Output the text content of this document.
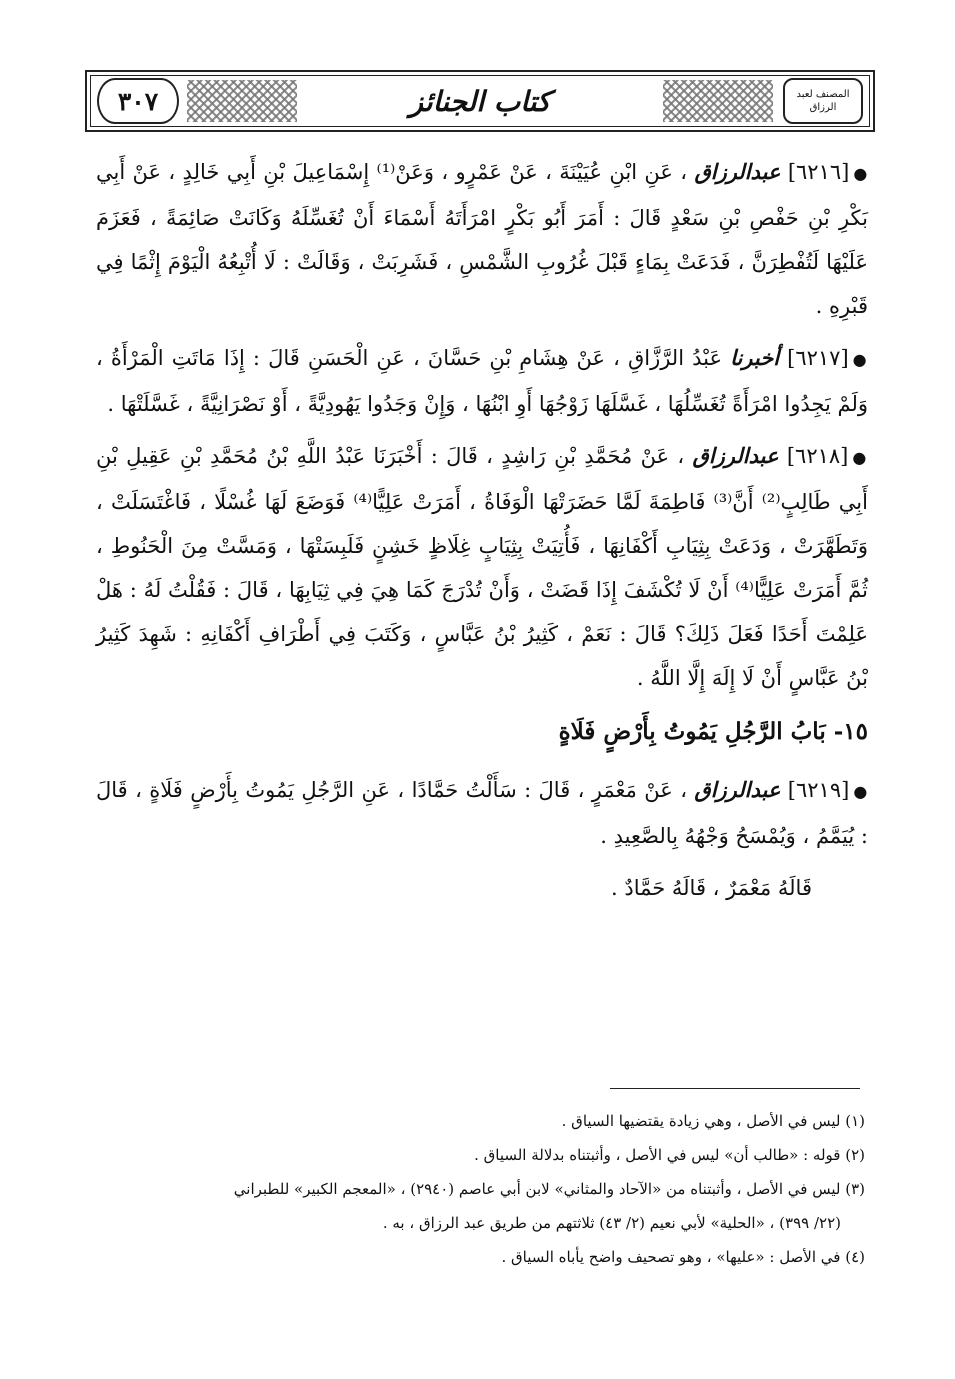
المصنف لعبد الرزاق
كتاب الجنائز
٣٠٧

●[٦٢١٦] عبدالرزاق ، عَنِ ابْنِ عُيَيْنَةَ ، عَنْ عَمْرٍو ، وَعَنْ⁽¹⁾ إِسْمَاعِيلَ بْنِ أَبِي خَالِدٍ ، عَنْ أَبِي بَكْرِ بْنِ حَفْصِ بْنِ سَعْدٍ قَالَ : أَمَرَ أَبُو بَكْرٍ امْرَأَتَهُ أَسْمَاءَ أَنْ تُغَسِّلَهُ وَكَانَتْ صَائِمَةً ، فَعَزَمَ عَلَيْهَا لَتُفْطِرَنَّ ، فَدَعَتْ بِمَاءٍ قَبْلَ غُرُوبِ الشَّمْسِ ، فَشَرِبَتْ ، وَقَالَتْ : لَا أُتْبِعُهُ الْيَوْمَ إِثْمًا فِي قَبْرِهِ .

●[٦٢١٧] أخبرنا عَبْدُ الرَّزَّاقِ ، عَنْ هِشَامِ بْنِ حَسَّانَ ، عَنِ الْحَسَنِ قَالَ : إِذَا مَاتَتِ الْمَرْأَةُ ، وَلَمْ يَجِدُوا امْرَأَةً تُغَسِّلُهَا ، غَسَّلَهَا زَوْجُهَا أَوِ ابْنُهَا ، وَإِنْ وَجَدُوا يَهُودِيَّةً ، أَوْ نَصْرَانِيَّةً ، غَسَّلَتْهَا .

●[٦٢١٨] عبدالرزاق ، عَنْ مُحَمَّدِ بْنِ رَاشِدٍ ، قَالَ : أَخْبَرَنَا عَبْدُ اللَّهِ بْنُ مُحَمَّدِ بْنِ عَقِيلِ بْنِ أَبِي طَالِبٍ⁽²⁾ أَنَّ⁽³⁾ فَاطِمَةَ لَمَّا حَضَرَتْهَا الْوَفَاةُ ، أَمَرَتْ عَلِيًّا⁽⁴⁾ فَوَضَعَ لَهَا غُسْلًا ، فَاغْتَسَلَتْ ، وَتَطَهَّرَتْ ، وَدَعَتْ بِثِيَابِ أَكْفَانِهَا ، فَأُتِيَتْ بِثِيَابٍ غِلَاظٍ خَشِنٍ فَلَبِسَتْهَا ، وَمَسَّتْ مِنَ الْحَنُوطِ ، ثُمَّ أَمَرَتْ عَلِيًّا⁽⁴⁾ أَنْ لَا تُكْشَفَ إِذَا قَضَتْ ، وَأَنْ تُدْرَجَ كَمَا هِيَ فِي ثِيَابِهَا ، قَالَ : فَقُلْتُ لَهُ : هَلْ عَلِمْتَ أَحَدًا فَعَلَ ذَلِكَ؟ قَالَ : نَعَمْ ، كَثِيرُ بْنُ عَبَّاسٍ ، وَكَتَبَ فِي أَطْرَافِ أَكْفَانِهِ : شَهِدَ كَثِيرُ بْنُ عَبَّاسٍ أَنْ لَا إِلَهَ إِلَّا اللَّهُ .

١٥- بَابُ الرَّجُلِ يَمُوتُ بِأَرْضٍ فَلَاةٍ

●[٦٢١٩] عبدالرزاق ، عَنْ مَعْمَرٍ ، قَالَ : سَأَلْتُ حَمَّادًا ، عَنِ الرَّجُلِ يَمُوتُ بِأَرْضٍ فَلَاةٍ ، قَالَ : يُيَمَّمُ ، وَيُمْسَحُ وَجْهُهُ بِالصَّعِيدِ .

قَالَهُ مَعْمَرٌ ، قَالَهُ حَمَّادٌ .

(١) ليس في الأصل ، وهي زيادة يقتضيها السياق .

(٢) قوله : «طالب أن» ليس في الأصل ، وأثبتناه بدلالة السياق .

(٣) ليس في الأصل ، وأثبتناه من «الآحاد والمثاني» لابن أبي عاصم (٢٩٤٠) ، «المعجم الكبير» للطبراني

(٢٢/ ٣٩٩) ، «الحلية» لأبي نعيم (٢/ ٤٣) ثلاثتهم من طريق عبد الرزاق ، به .

(٤) في الأصل : «عليها» ، وهو تصحيف واضح يأباه السياق .
